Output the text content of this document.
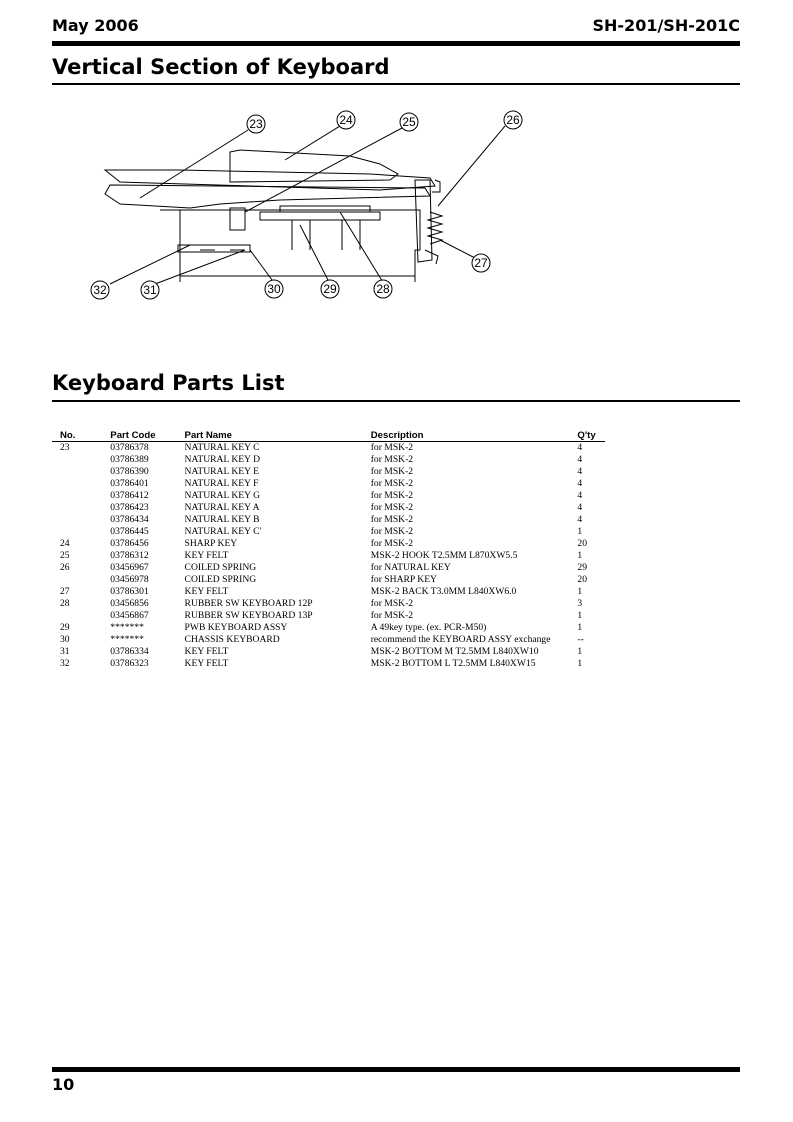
May 2006	SH-201/SH-201C
Vertical Section of Keyboard
23	24	25	26
27
28
29
30
31
32
Keyboard Parts List
No.	Part Code	Part Name	Description	Q'ty
23	03786378	NATURAL KEY C	for MSK-2	4
	03786389	NATURAL KEY D	for MSK-2	4
	03786390	NATURAL KEY E	for MSK-2	4
	03786401	NATURAL KEY F	for MSK-2	4
	03786412	NATURAL KEY G	for MSK-2	4
	03786423	NATURAL KEY A	for MSK-2	4
	03786434	NATURAL KEY B	for MSK-2	4
	03786445	NATURAL KEY C'	for MSK-2	1
24	03786456	SHARP KEY	for MSK-2	20
25	03786312	KEY FELT	MSK-2 HOOK T2.5MM L870XW5.5	1
26	03456967	COILED SPRING	for NATURAL KEY	29
	03456978	COILED SPRING	for SHARP KEY	20
27	03786301	KEY FELT	MSK-2 BACK T3.0MM L840XW6.0	1
28	03456856	RUBBER SW KEYBOARD 12P	for MSK-2	3
	03456867	RUBBER SW KEYBOARD 13P	for MSK-2	1
29	*******	PWB KEYBOARD ASSY	A 49key type. (ex. PCR-M50)	1
30	*******	CHASSIS KEYBOARD	recommend the KEYBOARD ASSY exchange	--
31	03786334	KEY FELT	MSK-2 BOTTOM M T2.5MM L840XW10	1
32	03786323	KEY FELT	MSK-2 BOTTOM L T2.5MM L840XW15	1
10
